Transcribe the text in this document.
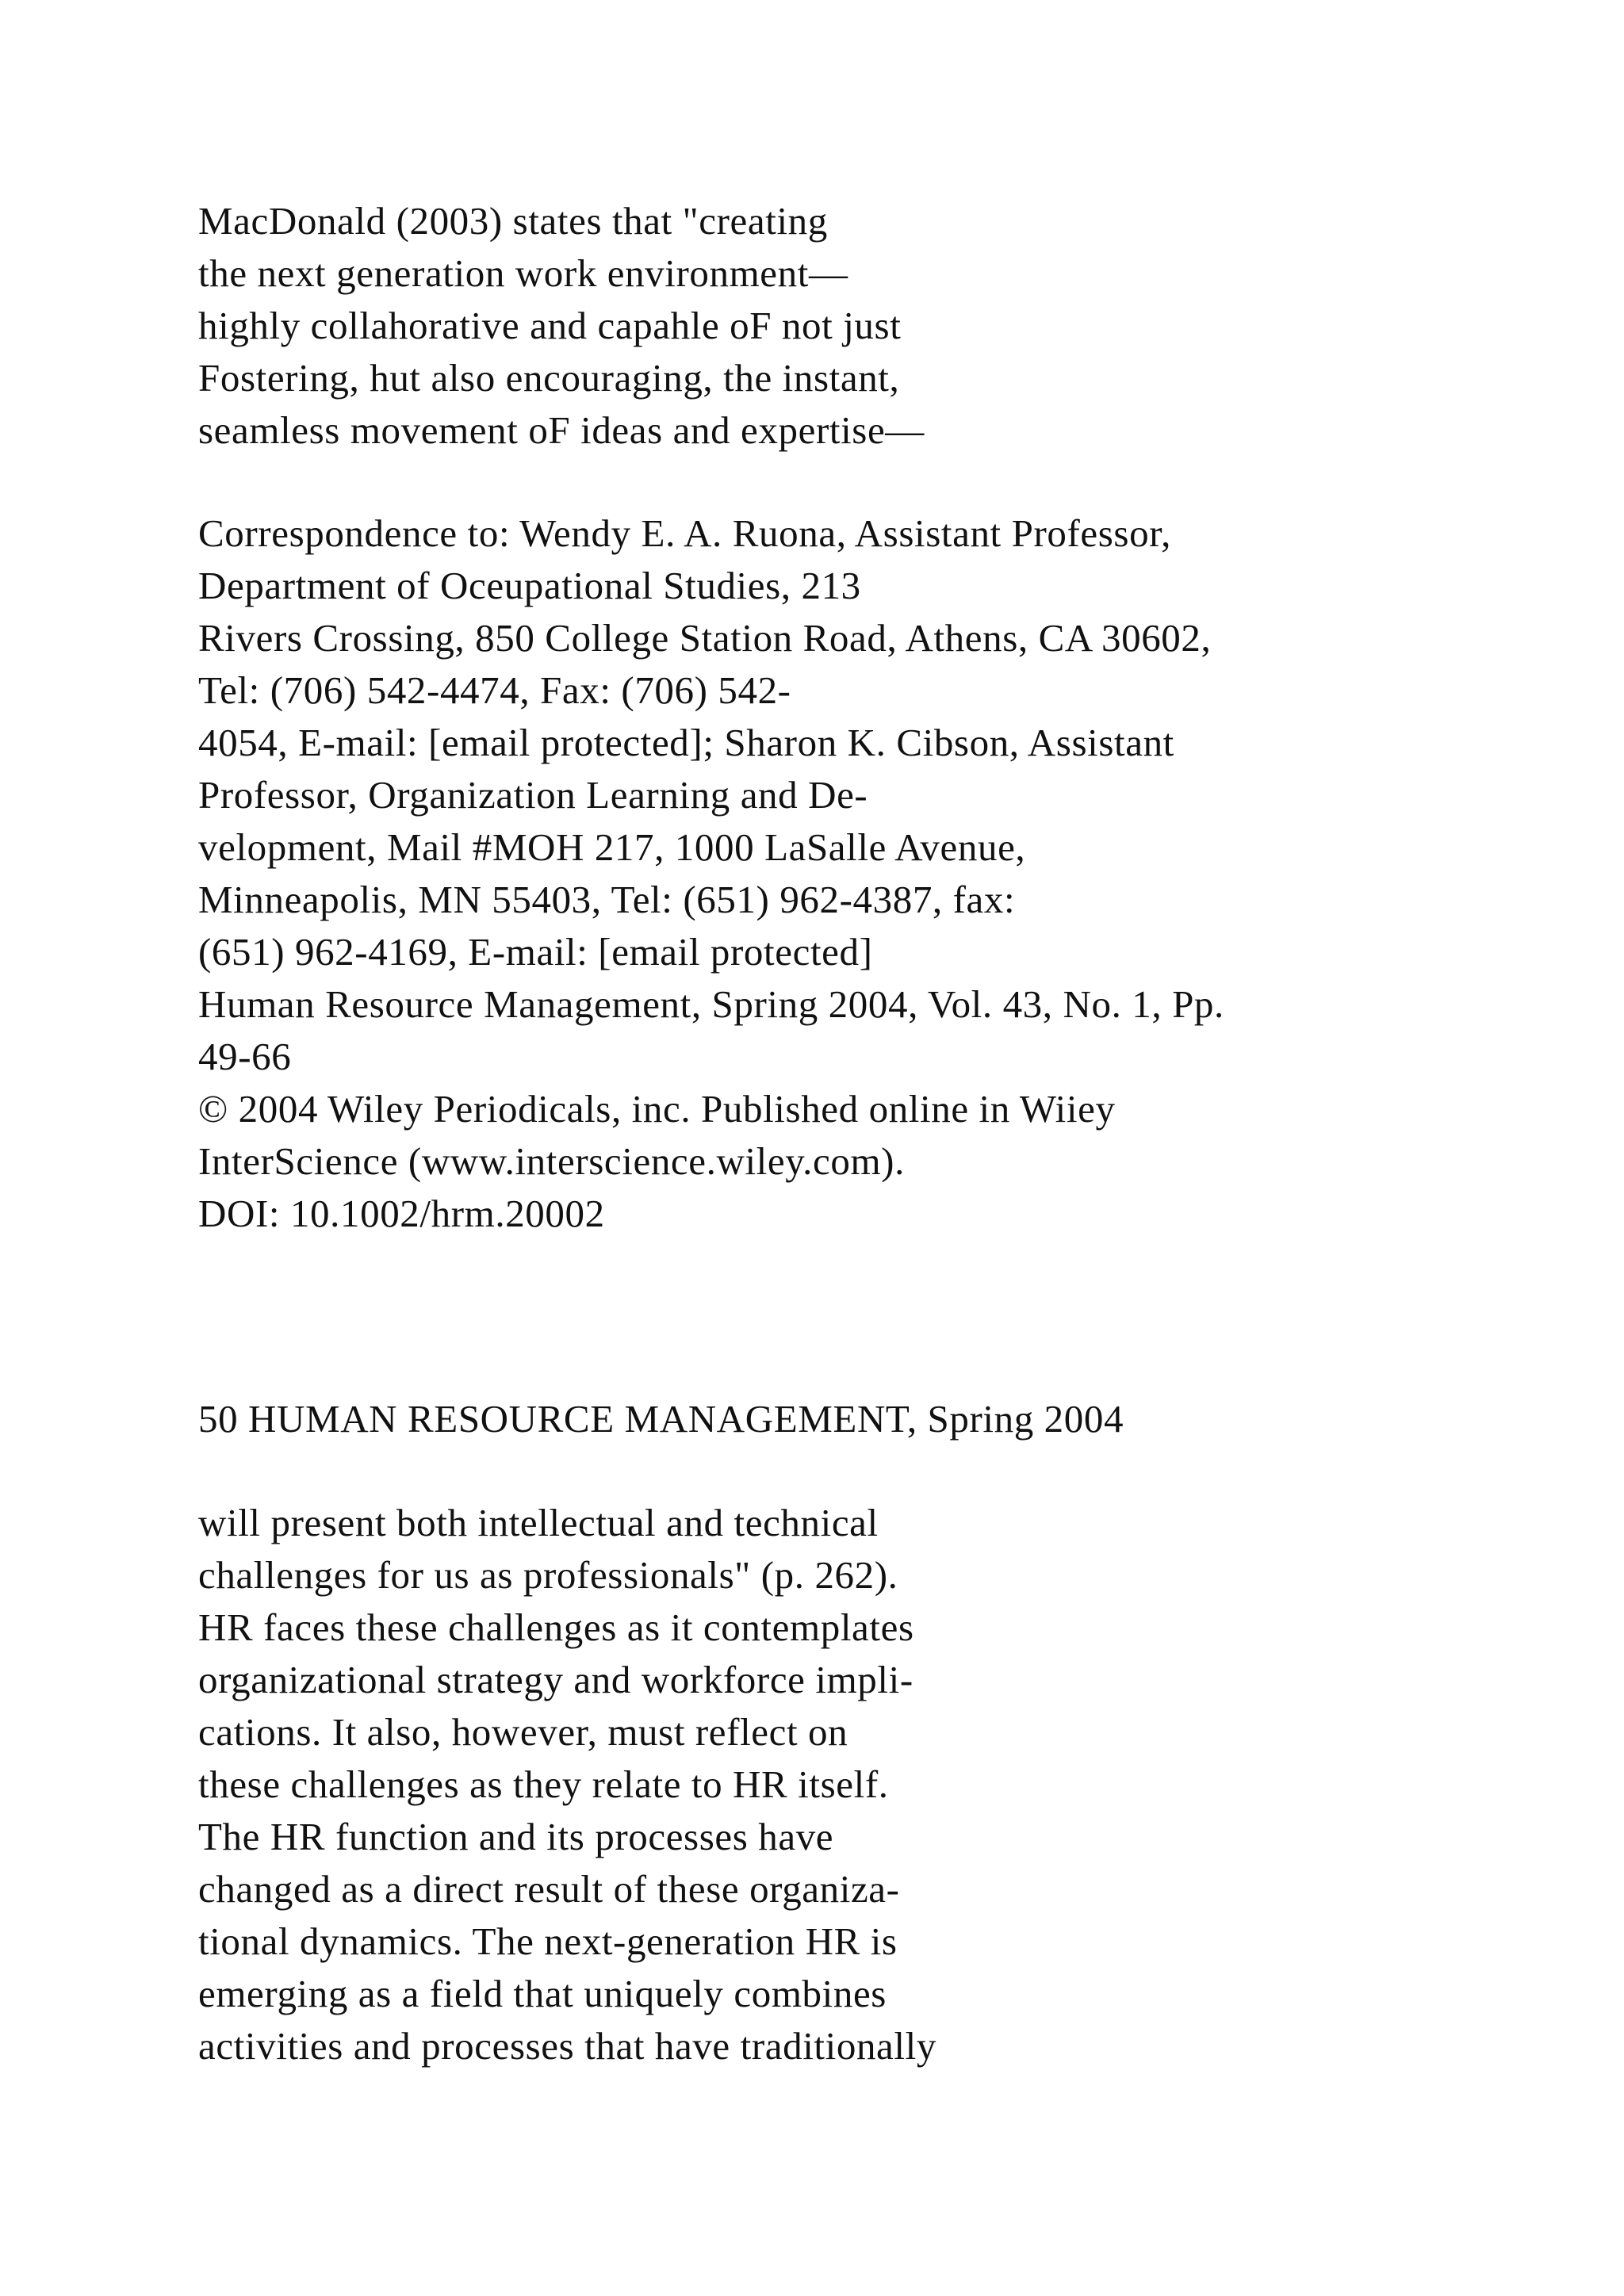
MacDonald (2003) states that "creating
the next generation work environment—
highly collahorative and capahle oF not just
Fostering, hut also encouraging, the instant,
seamless movement oF ideas and expertise—
Correspondence to: Wendy E. A. Ruona, Assistant Professor,
Department of Oceupational Studies, 213
Rivers Crossing, 850 College Station Road, Athens, CA 30602,
Tel: (706) 542-4474, Fax: (706) 542-
4054, E-mail: [email protected]; Sharon K. Cibson, Assistant
Professor, Organization Learning and De-
velopment, Mail #MOH 217, 1000 LaSalle Avenue,
Minneapolis, MN 55403, Tel: (651) 962-4387, fax:
(651) 962-4169, E-mail: [email protected]
Human Resource Management, Spring 2004, Vol. 43, No. 1, Pp.
49-66
© 2004 Wiley Periodicals, inc. Published online in Wiiey
InterScience (www.interscience.wiley.com).
DOI: 10.1002/hrm.20002
50 HUMAN RESOURCE MANAGEMENT, Spring 2004
will present both intellectual and technical
challenges for us as professionals" (p. 262).
HR faces these challenges as it contemplates
organizational strategy and workforce impli-
cations. It also, however, must reflect on
these challenges as they relate to HR itself.
The HR function and its processes have
changed as a direct result of these organiza-
tional dynamics. The next-generation HR is
emerging as a field that uniquely combines
activities and processes that have traditionally
